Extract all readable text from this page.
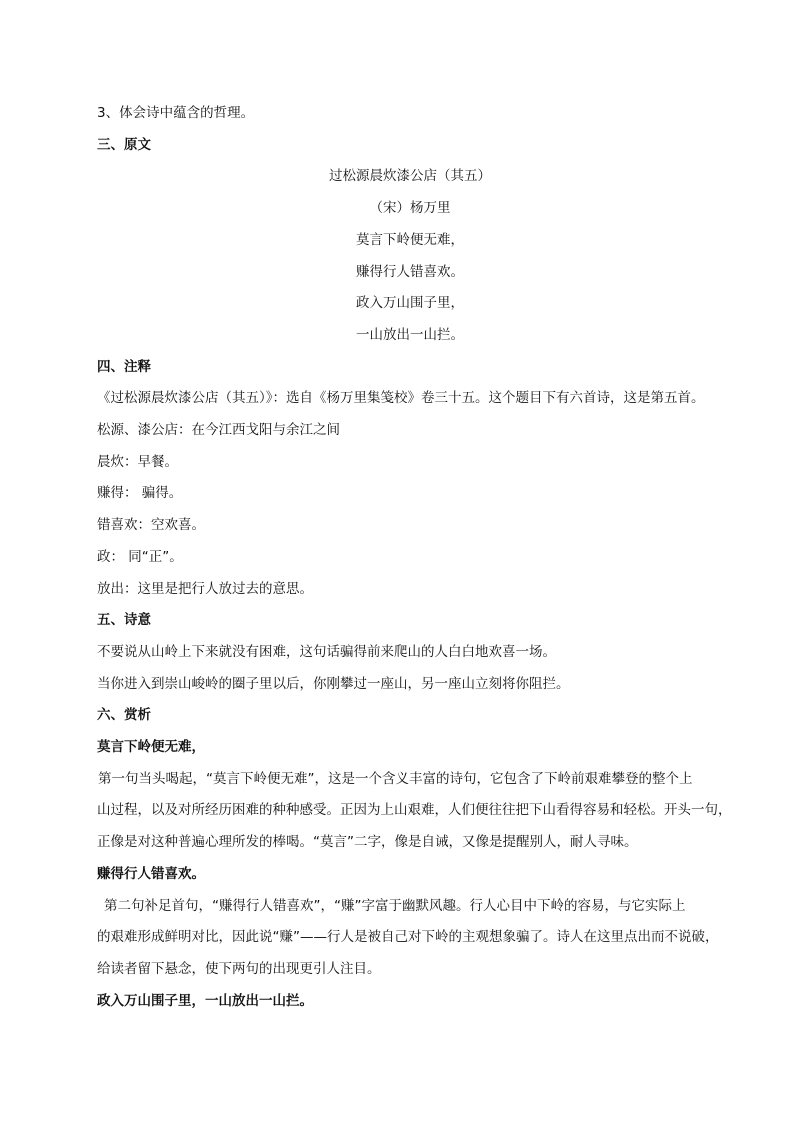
3、体会诗中蕴含的哲理。
三、原文
过松源晨炊漆公店（其五）
（宋）杨万里
莫言下岭便无难，
赚得行人错喜欢。
政入万山围子里，
一山放出一山拦。
四、注释
《过松源晨炊漆公店（其五）》：选自《杨万里集笺校》卷三十五。这个题目下有六首诗，这是第五首。
松源、漆公店：在今江西戈阳与余江之间
晨炊：早餐。
赚得： 骗得。
错喜欢：空欢喜。
政： 同“正”。
放出：这里是把行人放过去的意思。
五、诗意
不要说从山岭上下来就没有困难，这句话骗得前来爬山的人白白地欢喜一场。
当你进入到崇山峻岭的圈子里以后，你刚攀过一座山，另一座山立刻将你阻拦。
六、赏析
莫言下岭便无难，
第一句当头喝起，“莫言下岭便无难”，这是一个含义丰富的诗句，它包含了下岭前艰难攀登的整个上
山过程，以及对所经历困难的种种感受。正因为上山艰难，人们便往往把下山看得容易和轻松。开头一句，
正像是对这种普遍心理所发的棒喝。“莫言”二字，像是自诫，又像是提醒别人，耐人寻味。
赚得行人错喜欢。
第二句补足首句，“赚得行人错喜欢”，“赚”字富于幽默风趣。行人心目中下岭的容易，与它实际上
的艰难形成鲜明对比，因此说“赚”——行人是被自己对下岭的主观想象骗了。诗人在这里点出而不说破，
给读者留下悬念，使下两句的出现更引人注目。
政入万山围子里，一山放出一山拦。
